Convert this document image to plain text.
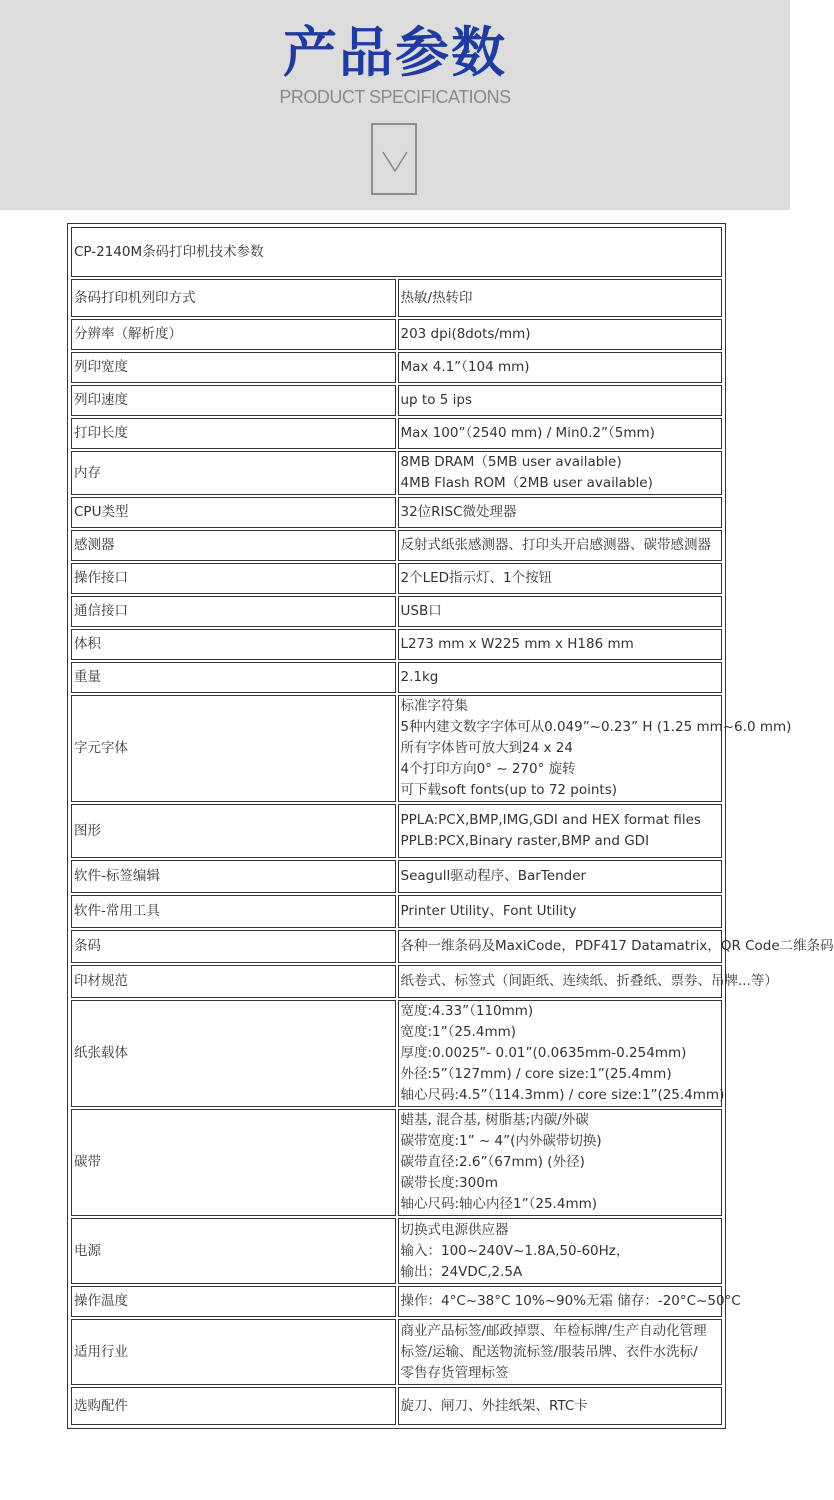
产品参数
PRODUCT SPECIFICATIONS
CP-2140M条码打印机技术参数	
条码打印机列印方式	热敏/热转印

分辨率（解析度）	203 dpi(8dots/mm)

列印宽度	Max 4.1”（104 mm)

列印速度	up to 5 ips

打印长度	Max 100”（2540 mm) / Min0.2”（5mm)

内存	8MB DRAM（5MB user available)
4MB Flash ROM（2MB user available)

CPU类型	32位RISC微处理器

感测器	反射式纸张感测器、打印头开启感测器、碳带感测器

操作接口	2个LED指示灯、1个按钮

通信接口	USB口

体积	L273 mm x W225 mm x H186 mm

重量	2.1kg

字元字体	标准字符集
5种内建文数字字体可从0.049”~0.23” H (1.25 mm~6.0 mm)
所有字体皆可放大到24 x 24
4个打印方向0° ~ 270° 旋转
可下载soft fonts(up to 72 points)

图形	PPLA:PCX,BMP,IMG,GDI and HEX format files
PPLB:PCX,Binary raster,BMP and GDI

软件-标签编辑	Seagull驱动程序、BarTender

软件-常用工具	Printer Utility、Font Utility

条码	各种一维条码及MaxiCode，PDF417 Datamatrix，QR Code二维条码

印材规范	纸卷式、标签式（间距纸、连续纸、折叠纸、票券、吊牌...等）

纸张载体	宽度:4.33”（110mm)
宽度:1”（25.4mm)
厚度:0.0025”- 0.01”(0.0635mm-0.254mm)
外径:5”（127mm) / core size:1”(25.4mm)
轴心尺码:4.5”（114.3mm) / core size:1”(25.4mm)

碳带	蜡基, 混合基, 树脂基;内碳/外碳
碳带宽度:1” ~ 4”(内外碳带切换)
碳带直径:2.6”（67mm) (外径)
碳带长度:300m
轴心尺码:轴心内径1”（25.4mm)

电源	切换式电源供应器
输入：100~240V~1.8A,50-60Hz，
输出：24VDC,2.5A

操作温度	操作：4°C~38°C 10%~90%无霜 储存：-20°C~50°C

适用行业	商业产品标签/邮政掉票、年检标牌/生产自动化管理
标签/运输、配送物流标签/服装吊牌、衣件水洗标/
零售存货管理标签

选购配件	旋刀、闸刀、外挂纸架、RTC卡
